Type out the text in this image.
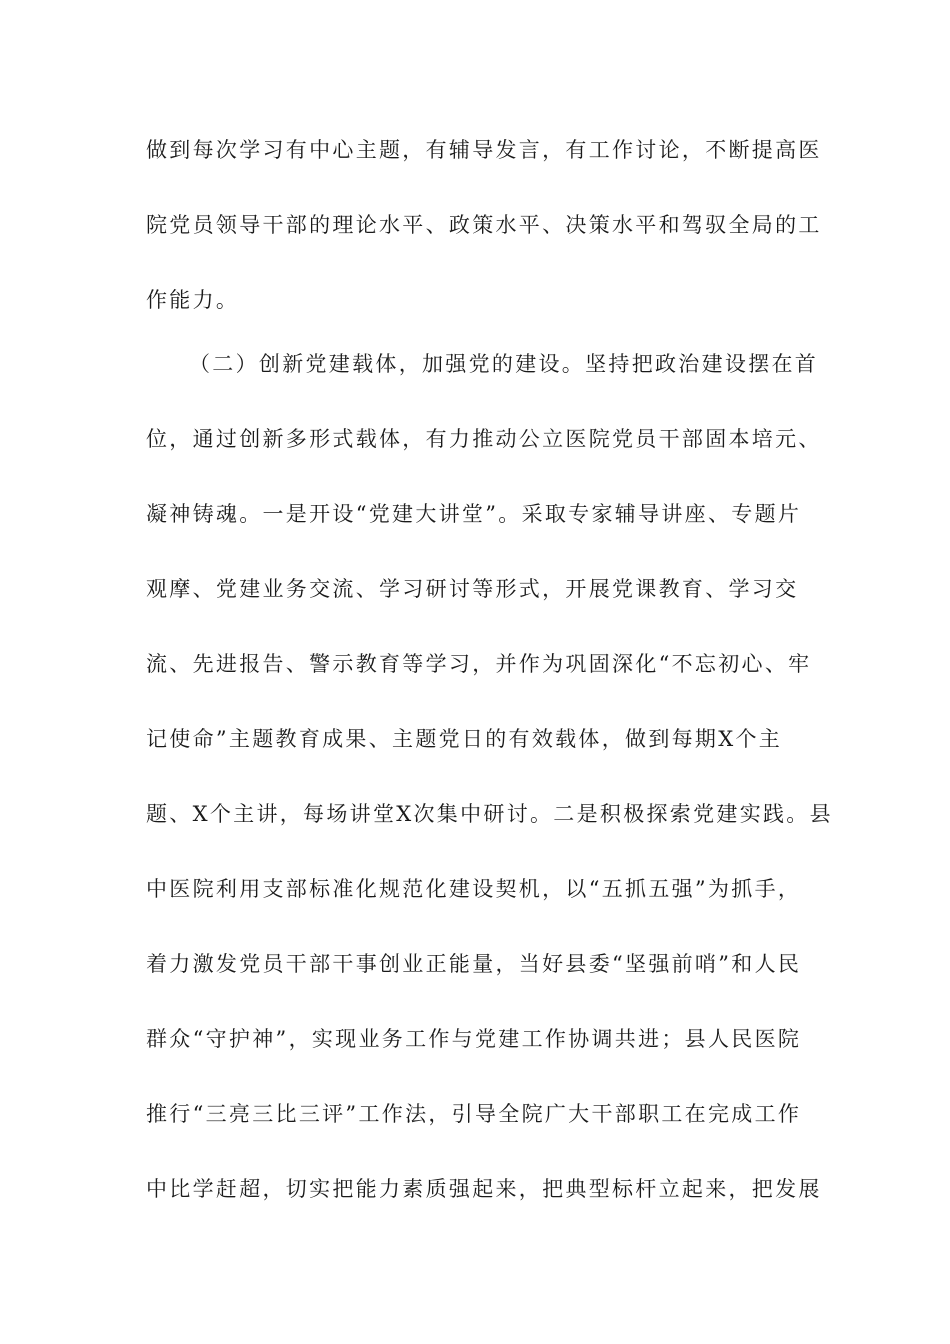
做到每次学习有中心主题，有辅导发言，有工作讨论，不断提高医
院党员领导干部的理论水平、政策水平、决策水平和驾驭全局的工
作能力。
（二）创新党建载体，加强党的建设。坚持把政治建设摆在首
位，通过创新多形式载体，有力推动公立医院党员干部固本培元、
凝神铸魂。一是开设“党建大讲堂”。采取专家辅导讲座、专题片
观摩、党建业务交流、学习研讨等形式，开展党课教育、学习交
流、先进报告、警示教育等学习，并作为巩固深化“不忘初心、牢
记使命”主题教育成果、主题党日的有效载体，做到每期X个主
题、X个主讲，每场讲堂X次集中研讨。二是积极探索党建实践。县
中医院利用支部标准化规范化建设契机，以“五抓五强”为抓手，
着力激发党员干部干事创业正能量，当好县委“坚强前哨”和人民
群众“守护神”，实现业务工作与党建工作协调共进；县人民医院
推行“三亮三比三评”工作法，引导全院广大干部职工在完成工作
中比学赶超，切实把能力素质强起来，把典型标杆立起来，把发展
